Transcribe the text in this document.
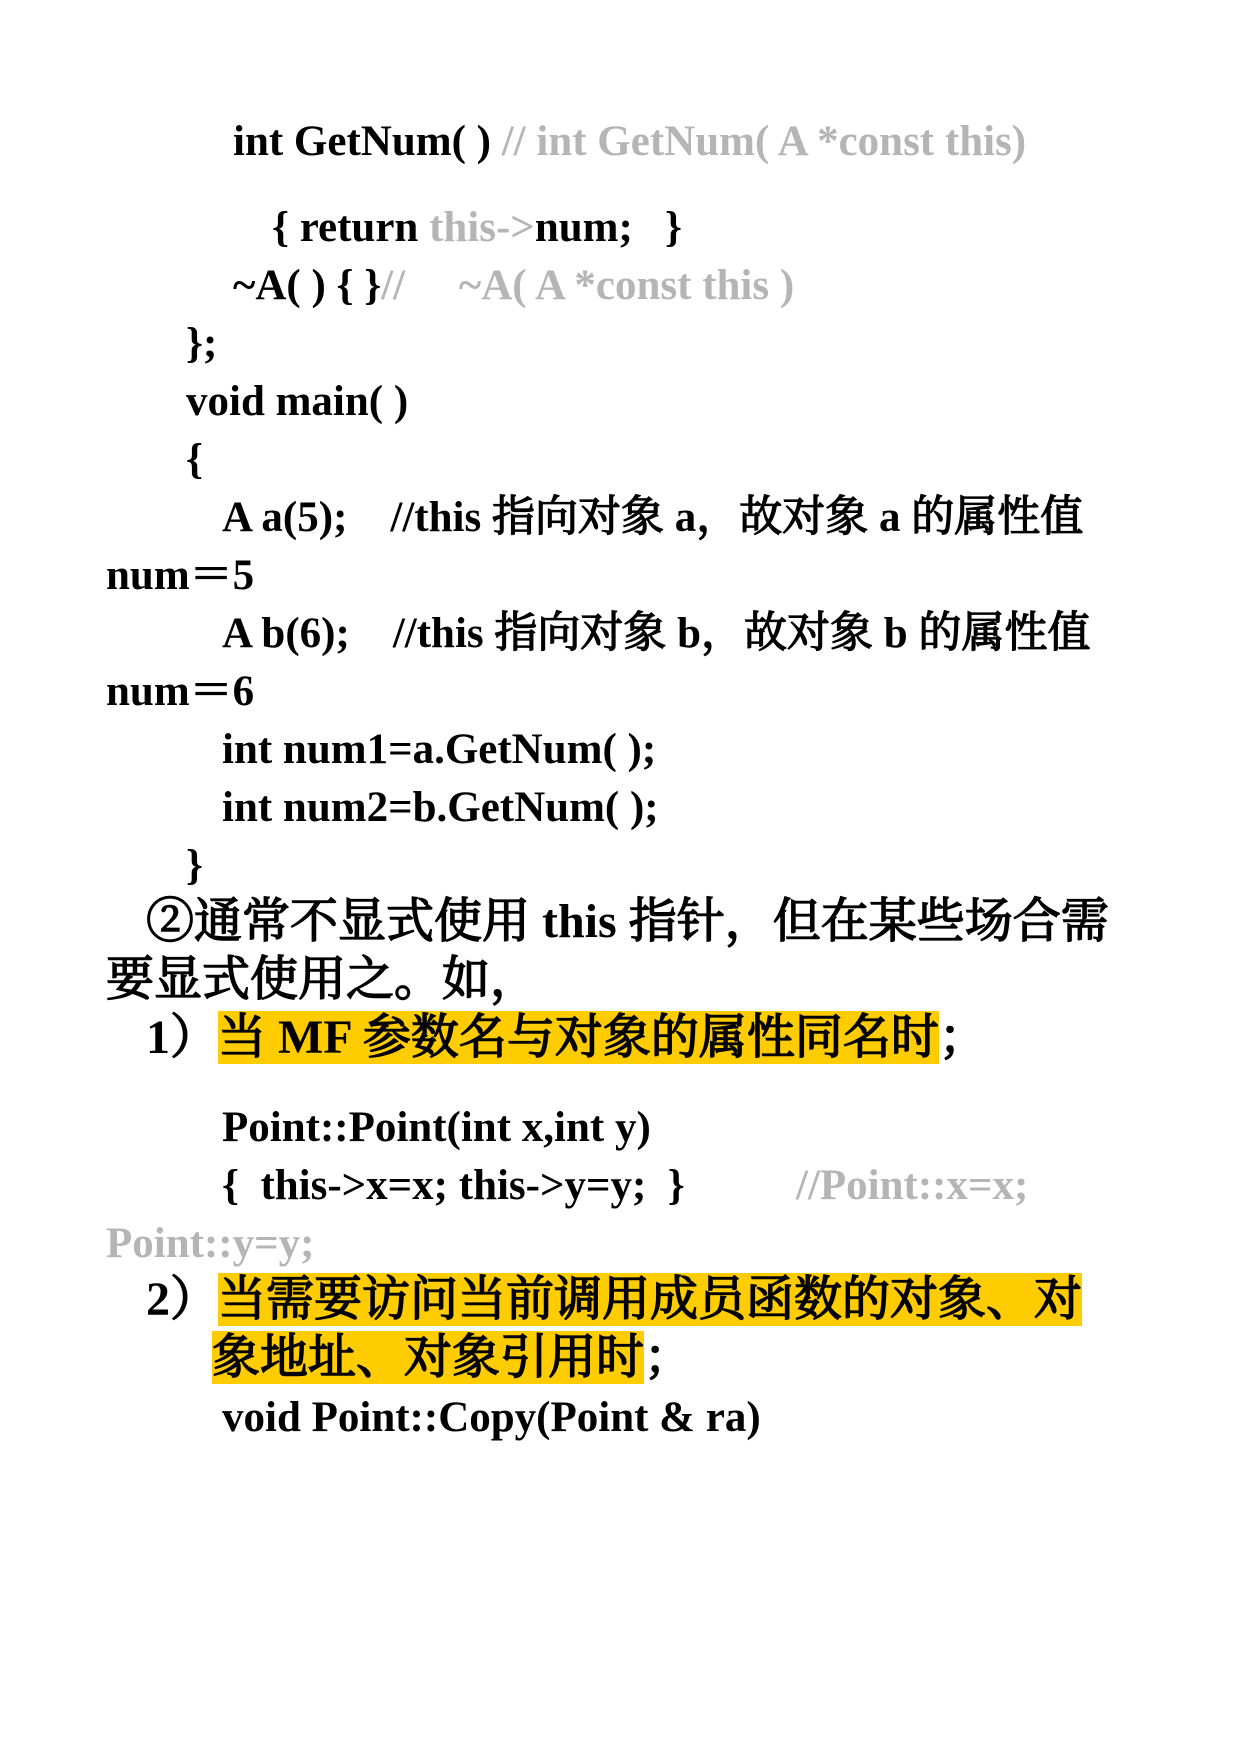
int GetNum( ) // int GetNum( A *const this)
{ return this->num;   }
~A( ) { }//     ~A( A *const this )
};
void main( )
{
A a(5);    //this 指向对象 a，故对象 a 的属性值
num＝5
A b(6);    //this 指向对象 b，故对象 b 的属性值
num＝6
int num1=a.GetNum( );
int num2=b.GetNum( );
}
②通常不显式使用 this 指针，但在某些场合需
要显式使用之。如，
1）当 MF 参数名与对象的属性同名时；
Point::Point(int x,int y)
{  this->x=x; this->y=y;  }	//Point::x=x;
Point::y=y;
2）当需要访问当前调用成员函数的对象、对
象地址、对象引用时；
void Point::Copy(Point & ra)
